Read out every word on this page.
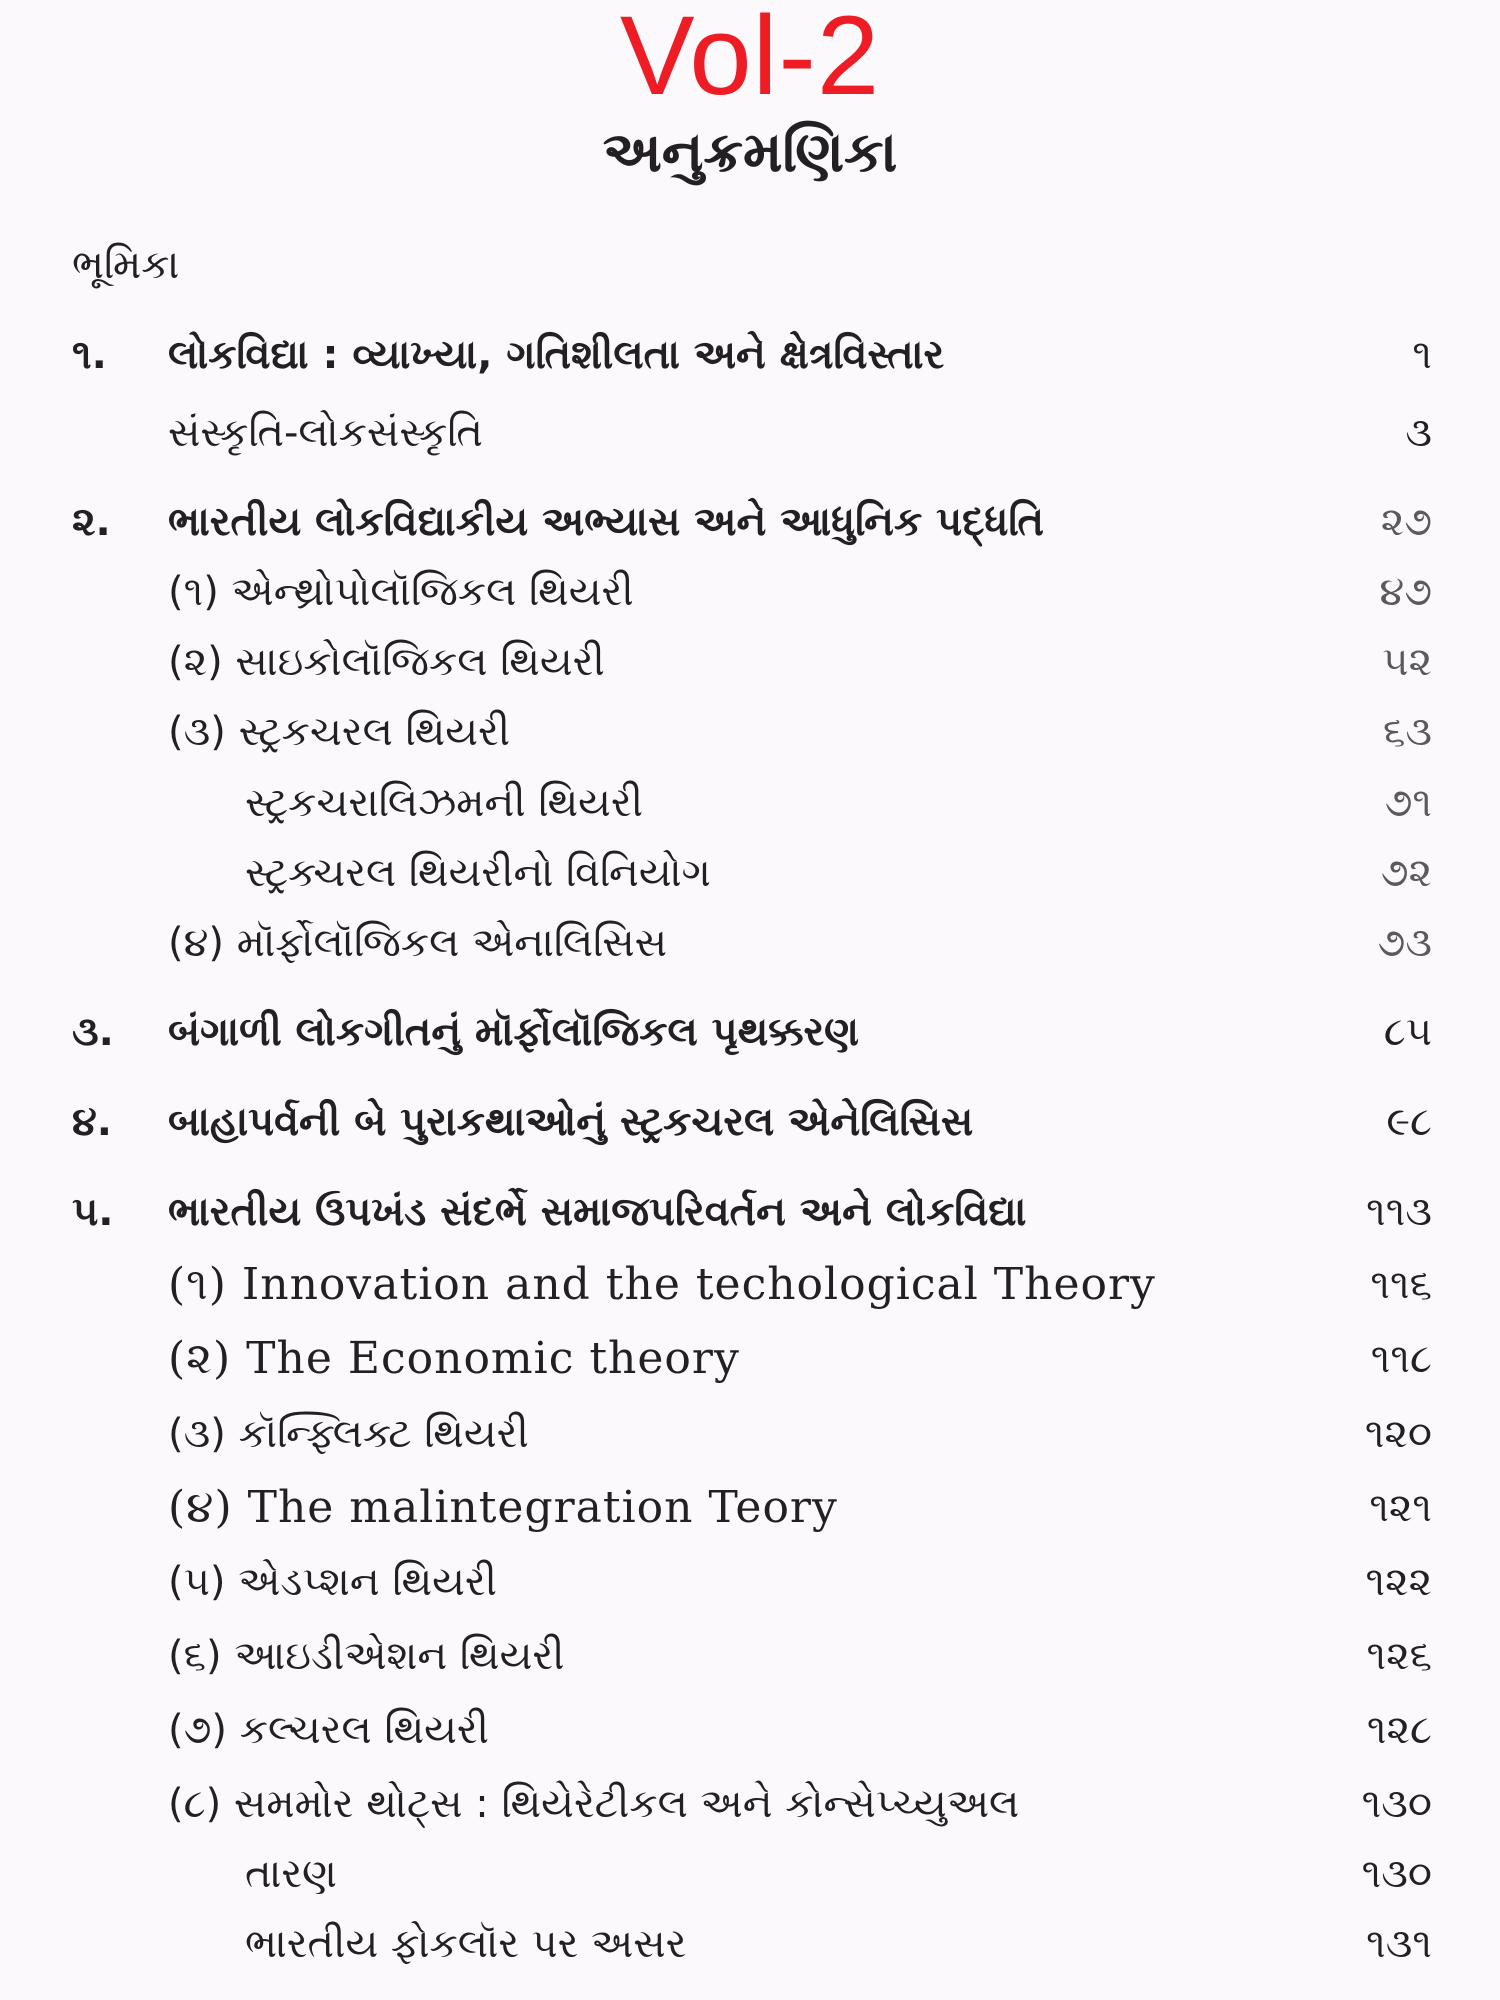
Vol-2
અનુક્રમણિકા
ભૂમિકા
૧. લોકવિદ્યા : વ્યાખ્યા, ગતિશીલતા અને ક્ષેત્રવિસ્તાર	૧
સંસ્કૃતિ-લોકસંસ્કૃતિ	૩
૨. ભારતીય લોકવિદ્યાકીય અભ્યાસ અને આધુનિક પદ્ધતિ	૨૭
(૧) એન્થ્રોપોલૉજિકલ થિયરી	૪૭
(૨) સાઇકોલૉજિકલ થિયરી	૫૨
(૩) સ્ટ્રકચરલ થિયરી	૬૩
સ્ટ્રકચરાલિઝમની થિયરી	૭૧
સ્ટ્રક્ચરલ થિયરીનો વિનિયોગ	૭૨
(૪) મૉર્ફોલૉજિકલ એનાલિસિસ	૭૩
૩. બંગાળી લોકગીતનું મૉર્ફોલૉજિકલ પૃથક્કરણ	૮૫
૪. બાહાપર્વની બે પુરાકથાઓનું સ્ટ્રકચરલ એનેલિસિસ	૯૮
૫. ભારતીય ઉપખંડ સંદર્ભે સમાજપરિવર્તન અને લોકવિદ્યા	૧૧૩
(૧) Innovation and the techological Theory	૧૧૬
(૨) The Economic theory	૧૧૮
(૩) કૉન્ફ્લિક્ટ થિયરી	૧૨૦
(૪) The malintegration Teory	૧૨૧
(૫) એડપ્શન થિયરી	૧૨૨
(૬) આઇડીએશન થિયરી	૧૨૬
(૭) કલ્ચરલ થિયરી	૧૨૮
(૮) સમમોર થોટ્સ : થિયેરેટીકલ અને કોન્સેપ્ચ્યુઅલ	૧૩૦
તારણ	૧૩૦
ભારતીય ફોકલૉર પર અસર	૧૩૧
